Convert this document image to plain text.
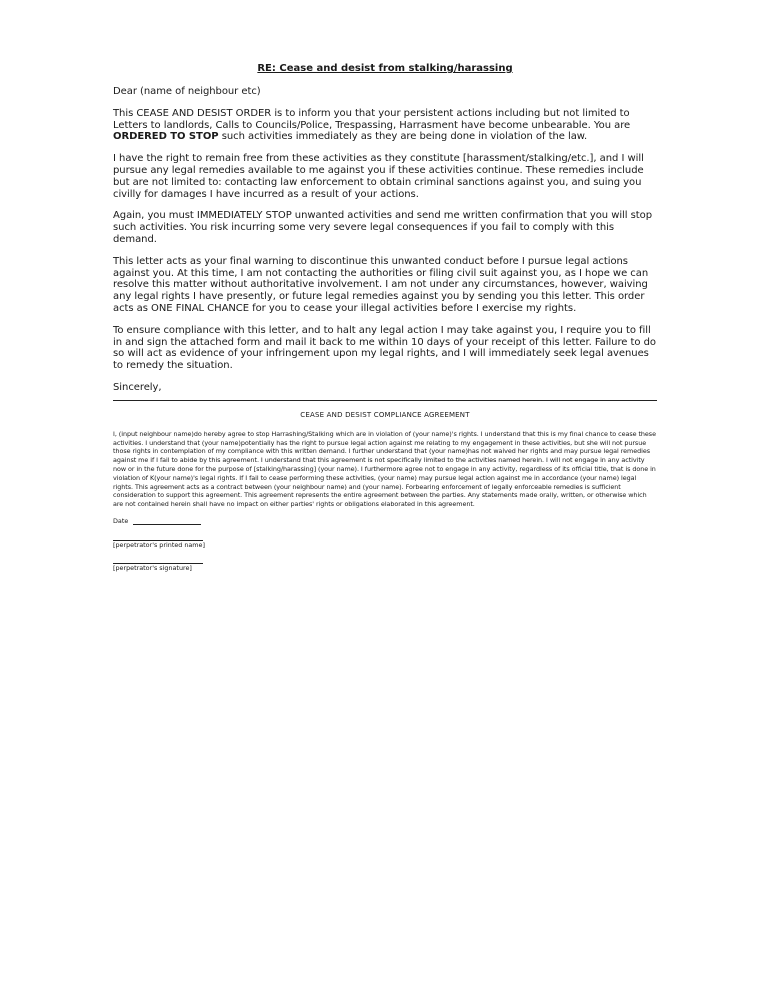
RE: Cease and desist from stalking/harassing
Dear (name of neighbour etc)
This CEASE AND DESIST ORDER is to inform you that your persistent actions including but not limited to Letters to landlords, Calls to Councils/Police, Trespassing, Harrasment have become unbearable. You are ORDERED TO STOP such activities immediately as they are being done in violation of the law.
I have the right to remain free from these activities as they constitute [harassment/stalking/etc.], and I will pursue any legal remedies available to me against you if these activities continue. These remedies include but are not limited to: contacting law enforcement to obtain criminal sanctions against you, and suing you civilly for damages I have incurred as a result of your actions.
Again, you must IMMEDIATELY STOP unwanted activities and send me written confirmation that you will stop such activities. You risk incurring some very severe legal consequences if you fail to comply with this demand.
This letter acts as your final warning to discontinue this unwanted conduct before I pursue legal actions against you. At this time, I am not contacting the authorities or filing civil suit against you, as I hope we can resolve this matter without authoritative involvement. I am not under any circumstances, however, waiving any legal rights I have presently, or future legal remedies against you by sending you this letter. This order acts as ONE FINAL CHANCE for you to cease your illegal activities before I exercise my rights.
To ensure compliance with this letter, and to halt any legal action I may take against you, I require you to fill in and sign the attached form and mail it back to me within 10 days of your receipt of this letter. Failure to do so will act as evidence of your infringement upon my legal rights, and I will immediately seek legal avenues to remedy the situation.
Sincerely,
CEASE AND DESIST COMPLIANCE AGREEMENT
I, (input neighbour name)do hereby agree to stop Harrashing/Stalking which are in violation of (your name)'s rights. I understand that this is my final chance to cease these activities. I understand that (your name)potentially has the right to pursue legal action against me relating to my engagement in these activities, but she will not pursue those rights in contemplation of my compliance with this written demand. I further understand that (your name)has not waived her rights and may pursue legal remedies against me if I fail to abide by this agreement. I understand that this agreement is not specifically limited to the activities named herein. I will not engage in any activity now or in the future done for the purpose of [stalking/harassing] (your name). I furthermore agree not to engage in any activity, regardless of its official title, that is done in violation of K(your name)'s legal rights. If I fail to cease performing these activities, (your name) may pursue legal action against me in accordance (your name) legal rights. This agreement acts as a contract between (your neighbour name) and (your name). Forbearing enforcement of legally enforceable remedies is sufficient consideration to support this agreement. This agreement represents the entire agreement between the parties. Any statements made orally, written, or otherwise which are not contained herein shall have no impact on either parties' rights or obligations elaborated in this agreement.
Date
[perpetrator's printed name]
[perpetrator's signature]
